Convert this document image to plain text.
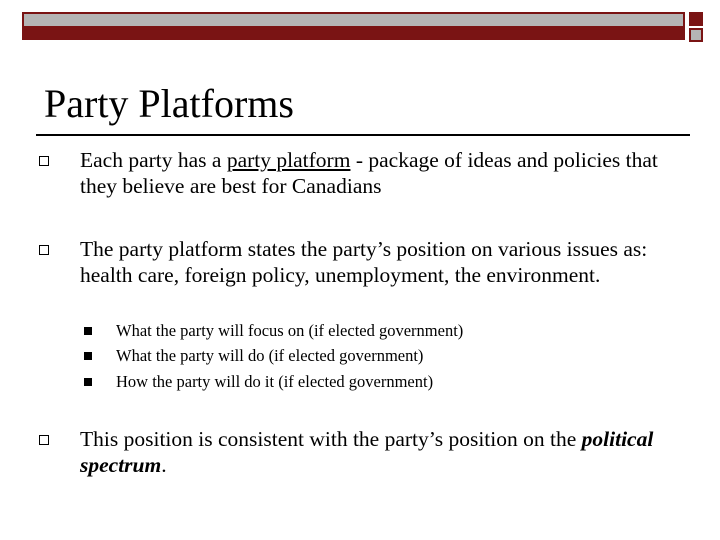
Party Platforms
Each party has a party platform - package of ideas and policies that they believe are best for Canadians
The party platform states the party’s position on various issues as: health care, foreign policy, unemployment, the environment.
What the party will focus on (if elected government)
What the party will do (if elected government)
How the party will do it (if elected government)
This position is consistent with the party’s position on the political spectrum.
